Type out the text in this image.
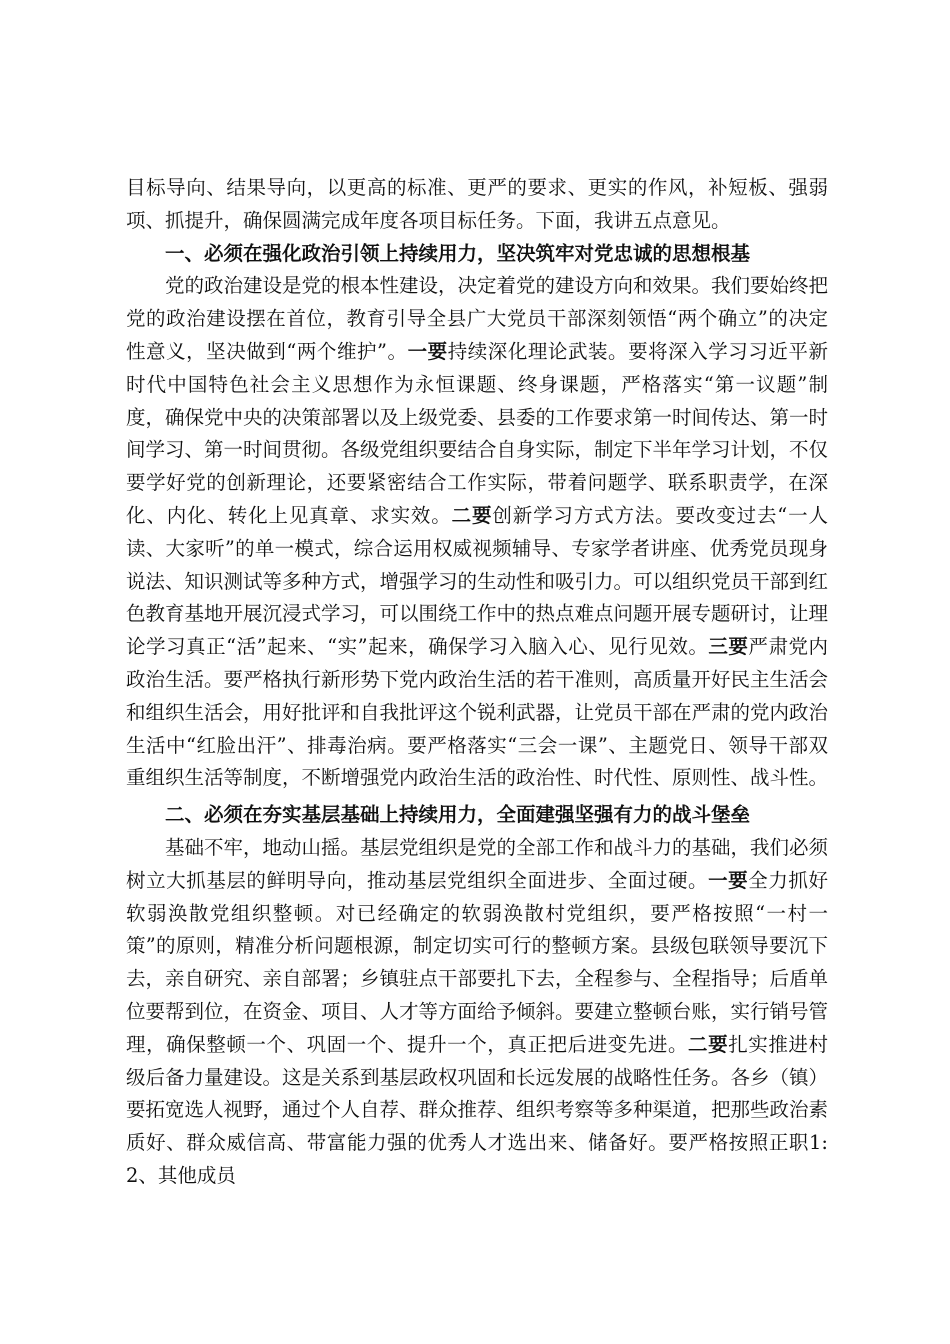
目标导向、结果导向，以更高的标准、更严的要求、更实的作风，补短板、强弱项、抓提升，确保圆满完成年度各项目标任务。下面，我讲五点意见。

一、必须在强化政治引领上持续用力，坚决筑牢对党忠诚的思想根基

党的政治建设是党的根本性建设，决定着党的建设方向和效果。我们要始终把党的政治建设摆在首位，教育引导全县广大党员干部深刻领悟“两个确立”的决定性意义，坚决做到“两个维护”。一要持续深化理论武装。要将深入学习习近平新时代中国特色社会主义思想作为永恒课题、终身课题，严格落实“第一议题”制度，确保党中央的决策部署以及上级党委、县委的工作要求第一时间传达、第一时间学习、第一时间贯彻。各级党组织要结合自身实际，制定下半年学习计划，不仅要学好党的创新理论，还要紧密结合工作实际，带着问题学、联系职责学，在深化、内化、转化上见真章、求实效。二要创新学习方式方法。要改变过去“一人读、大家听”的单一模式，综合运用权威视频辅导、专家学者讲座、优秀党员现身说法、知识测试等多种方式，增强学习的生动性和吸引力。可以组织党员干部到红色教育基地开展沉浸式学习，可以围绕工作中的热点难点问题开展专题研讨，让理论学习真正“活”起来、“实”起来，确保学习入脑入心、见行见效。三要严肃党内政治生活。要严格执行新形势下党内政治生活的若干准则，高质量开好民主生活会和组织生活会，用好批评和自我批评这个锐利武器，让党员干部在严肃的党内政治生活中“红脸出汗”、排毒治病。要严格落实“三会一课”、主题党日、领导干部双重组织生活等制度，不断增强党内政治生活的政治性、时代性、原则性、战斗性。

二、必须在夯实基层基础上持续用力，全面建强坚强有力的战斗堡垒

基础不牢，地动山摇。基层党组织是党的全部工作和战斗力的基础，我们必须树立大抓基层的鲜明导向，推动基层党组织全面进步、全面过硬。一要全力抓好软弱涣散党组织整顿。对已经确定的软弱涣散村党组织，要严格按照“一村一策”的原则，精准分析问题根源，制定切实可行的整顿方案。县级包联领导要沉下去，亲自研究、亲自部署；乡镇驻点干部要扎下去，全程参与、全程指导；后盾单位要帮到位，在资金、项目、人才等方面给予倾斜。要建立整顿台账，实行销号管理，确保整顿一个、巩固一个、提升一个，真正把后进变先进。二要扎实推进村级后备力量建设。这是关系到基层政权巩固和长远发展的战略性任务。各乡（镇）要拓宽选人视野，通过个人自荐、群众推荐、组织考察等多种渠道，把那些政治素质好、群众威信高、带富能力强的优秀人才选出来、储备好。要严格按照正职1:2、其他成员
